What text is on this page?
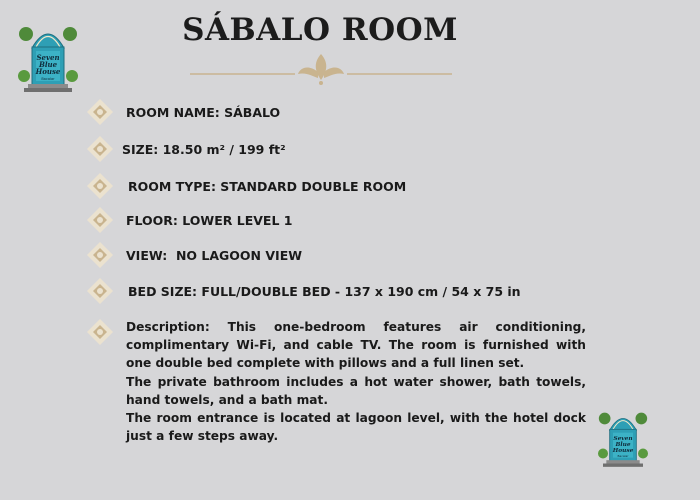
Seven
Blue
House
Bacalar
SÁBALO ROOM
ROOM NAME: SÁBALO
SIZE: 18.50 m² / 199 ft²
ROOM TYPE: STANDARD DOUBLE ROOM
FLOOR: LOWER LEVEL 1
VIEW:  NO LAGOON VIEW
BED SIZE: FULL/DOUBLE BED - 137 x 190 cm / 54 x 75 in

Description: This one-bedroom features air conditioning, complimentary Wi-Fi, and cable TV. The room is furnished with one double bed complete with pillows and a full linen set.

The private bathroom includes a hot water shower, bath towels, hand towels, and a bath mat.

The room entrance is located at lagoon level, with the hotel dock just a few steps away.	Seven
Blue
House
Bacalar
